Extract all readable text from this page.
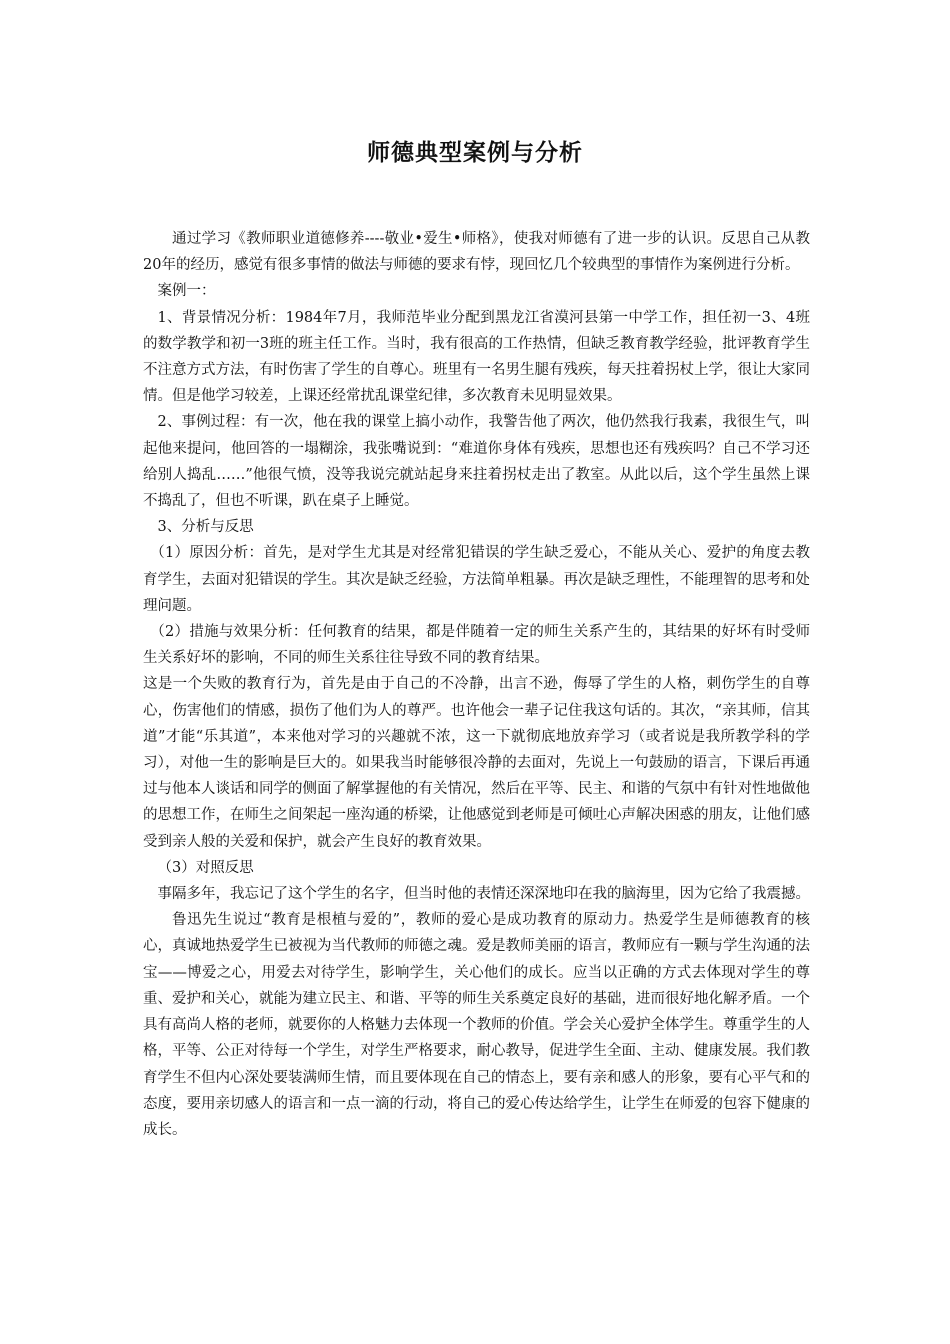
师德典型案例与分析

通过学习《教师职业道德修养----敬业•爱生•师格》，使我对师德有了进一步的认识。反思自己从教20年的经历，感觉有很多事情的做法与师德的要求有悖，现回忆几个较典型的事情作为案例进行分析。

案例一：

1、背景情况分析：1984年7月，我师范毕业分配到黑龙江省漠河县第一中学工作，担任初一3、4班的数学教学和初一3班的班主任工作。当时，我有很高的工作热情，但缺乏教育教学经验，批评教育学生不注意方式方法，有时伤害了学生的自尊心。班里有一名男生腿有残疾，每天拄着拐杖上学，很让大家同情。但是他学习较差，上课还经常扰乱课堂纪律，多次教育未见明显效果。

2、事例过程：有一次，他在我的课堂上搞小动作，我警告他了两次，他仍然我行我素，我很生气，叫起他来提问，他回答的一塌糊涂，我张嘴说到：“难道你身体有残疾，思想也还有残疾吗？自己不学习还给别人捣乱……”他很气愤，没等我说完就站起身来拄着拐杖走出了教室。从此以后，这个学生虽然上课不捣乱了，但也不听课，趴在桌子上睡觉。

3、分析与反思

（1）原因分析：首先，是对学生尤其是对经常犯错误的学生缺乏爱心，不能从关心、爱护的角度去教育学生，去面对犯错误的学生。其次是缺乏经验，方法简单粗暴。再次是缺乏理性，不能理智的思考和处理问题。

（2）措施与效果分析：任何教育的结果，都是伴随着一定的师生关系产生的，其结果的好坏有时受师生关系好坏的影响，不同的师生关系往往导致不同的教育结果。

这是一个失败的教育行为，首先是由于自己的不冷静，出言不逊，侮辱了学生的人格，刺伤学生的自尊心，伤害他们的情感，损伤了他们为人的尊严。也许他会一辈子记住我这句话的。其次，“亲其师，信其道”才能“乐其道”，本来他对学习的兴趣就不浓，这一下就彻底地放弃学习（或者说是我所教学科的学习），对他一生的影响是巨大的。如果我当时能够很冷静的去面对，先说上一句鼓励的语言，下课后再通过与他本人谈话和同学的侧面了解掌握他的有关情况，然后在平等、民主、和谐的气氛中有针对性地做他的思想工作，在师生之间架起一座沟通的桥梁，让他感觉到老师是可倾吐心声解决困惑的朋友，让他们感受到亲人般的关爱和保护，就会产生良好的教育效果。

（3）对照反思

事隔多年，我忘记了这个学生的名字，但当时他的表情还深深地印在我的脑海里，因为它给了我震撼。

鲁迅先生说过“教育是根植与爱的”，教师的爱心是成功教育的原动力。热爱学生是师德教育的核心，真诚地热爱学生已被视为当代教师的师德之魂。爱是教师美丽的语言，教师应有一颗与学生沟通的法宝——博爱之心，用爱去对待学生，影响学生，关心他们的成长。应当以正确的方式去体现对学生的尊重、爱护和关心，就能为建立民主、和谐、平等的师生关系奠定良好的基础，进而很好地化解矛盾。一个具有高尚人格的老师，就要你的人格魅力去体现一个教师的价值。学会关心爱护全体学生。尊重学生的人格，平等、公正对待每一个学生，对学生严格要求，耐心教导，促进学生全面、主动、健康发展。我们教育学生不但内心深处要装满师生情，而且要体现在自己的情态上，要有亲和感人的形象，要有心平气和的态度，要用亲切感人的语言和一点一滴的行动，将自己的爱心传达给学生，让学生在师爱的包容下健康的成长。
